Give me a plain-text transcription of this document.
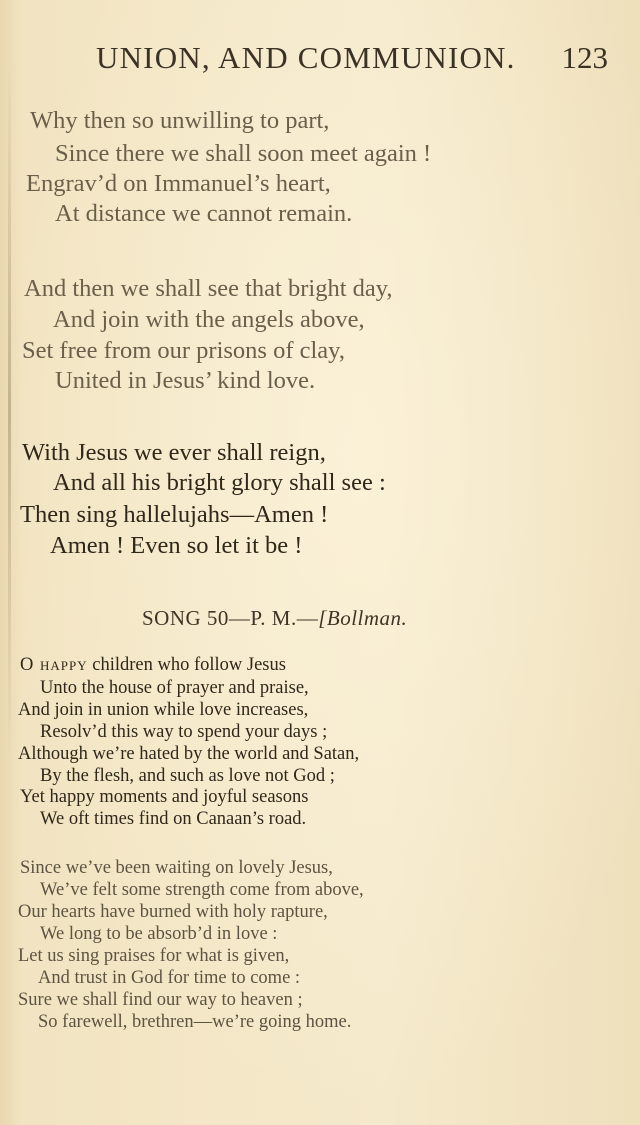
UNION, AND COMMUNION. 123
Why then so unwilling to part,
Since there we shall soon meet again !
Engrav’d on Immanuel’s heart,
At distance we cannot remain.
And then we shall see that bright day,
And join with the angels above,
Set free from our prisons of clay,
United in Jesus’ kind love.
With Jesus we ever shall reign,
And all his bright glory shall see :
Then sing hallelujahs—Amen !
Amen ! Even so let it be !
SONG 50—P. M.—[Bollman.
O happy children who follow Jesus
Unto the house of prayer and praise,
And join in union while love increases,
Resolv’d this way to spend your days ;
Although we’re hated by the world and Satan,
By the flesh, and such as love not God ;
Yet happy moments and joyful seasons
We oft times find on Canaan’s road.
Since we’ve been waiting on lovely Jesus,
We’ve felt some strength come from above,
Our hearts have burned with holy rapture,
We long to be absorb’d in love :
Let us sing praises for what is given,
And trust in God for time to come :
Sure we shall find our way to heaven ;
So farewell, brethren—we’re going home.
